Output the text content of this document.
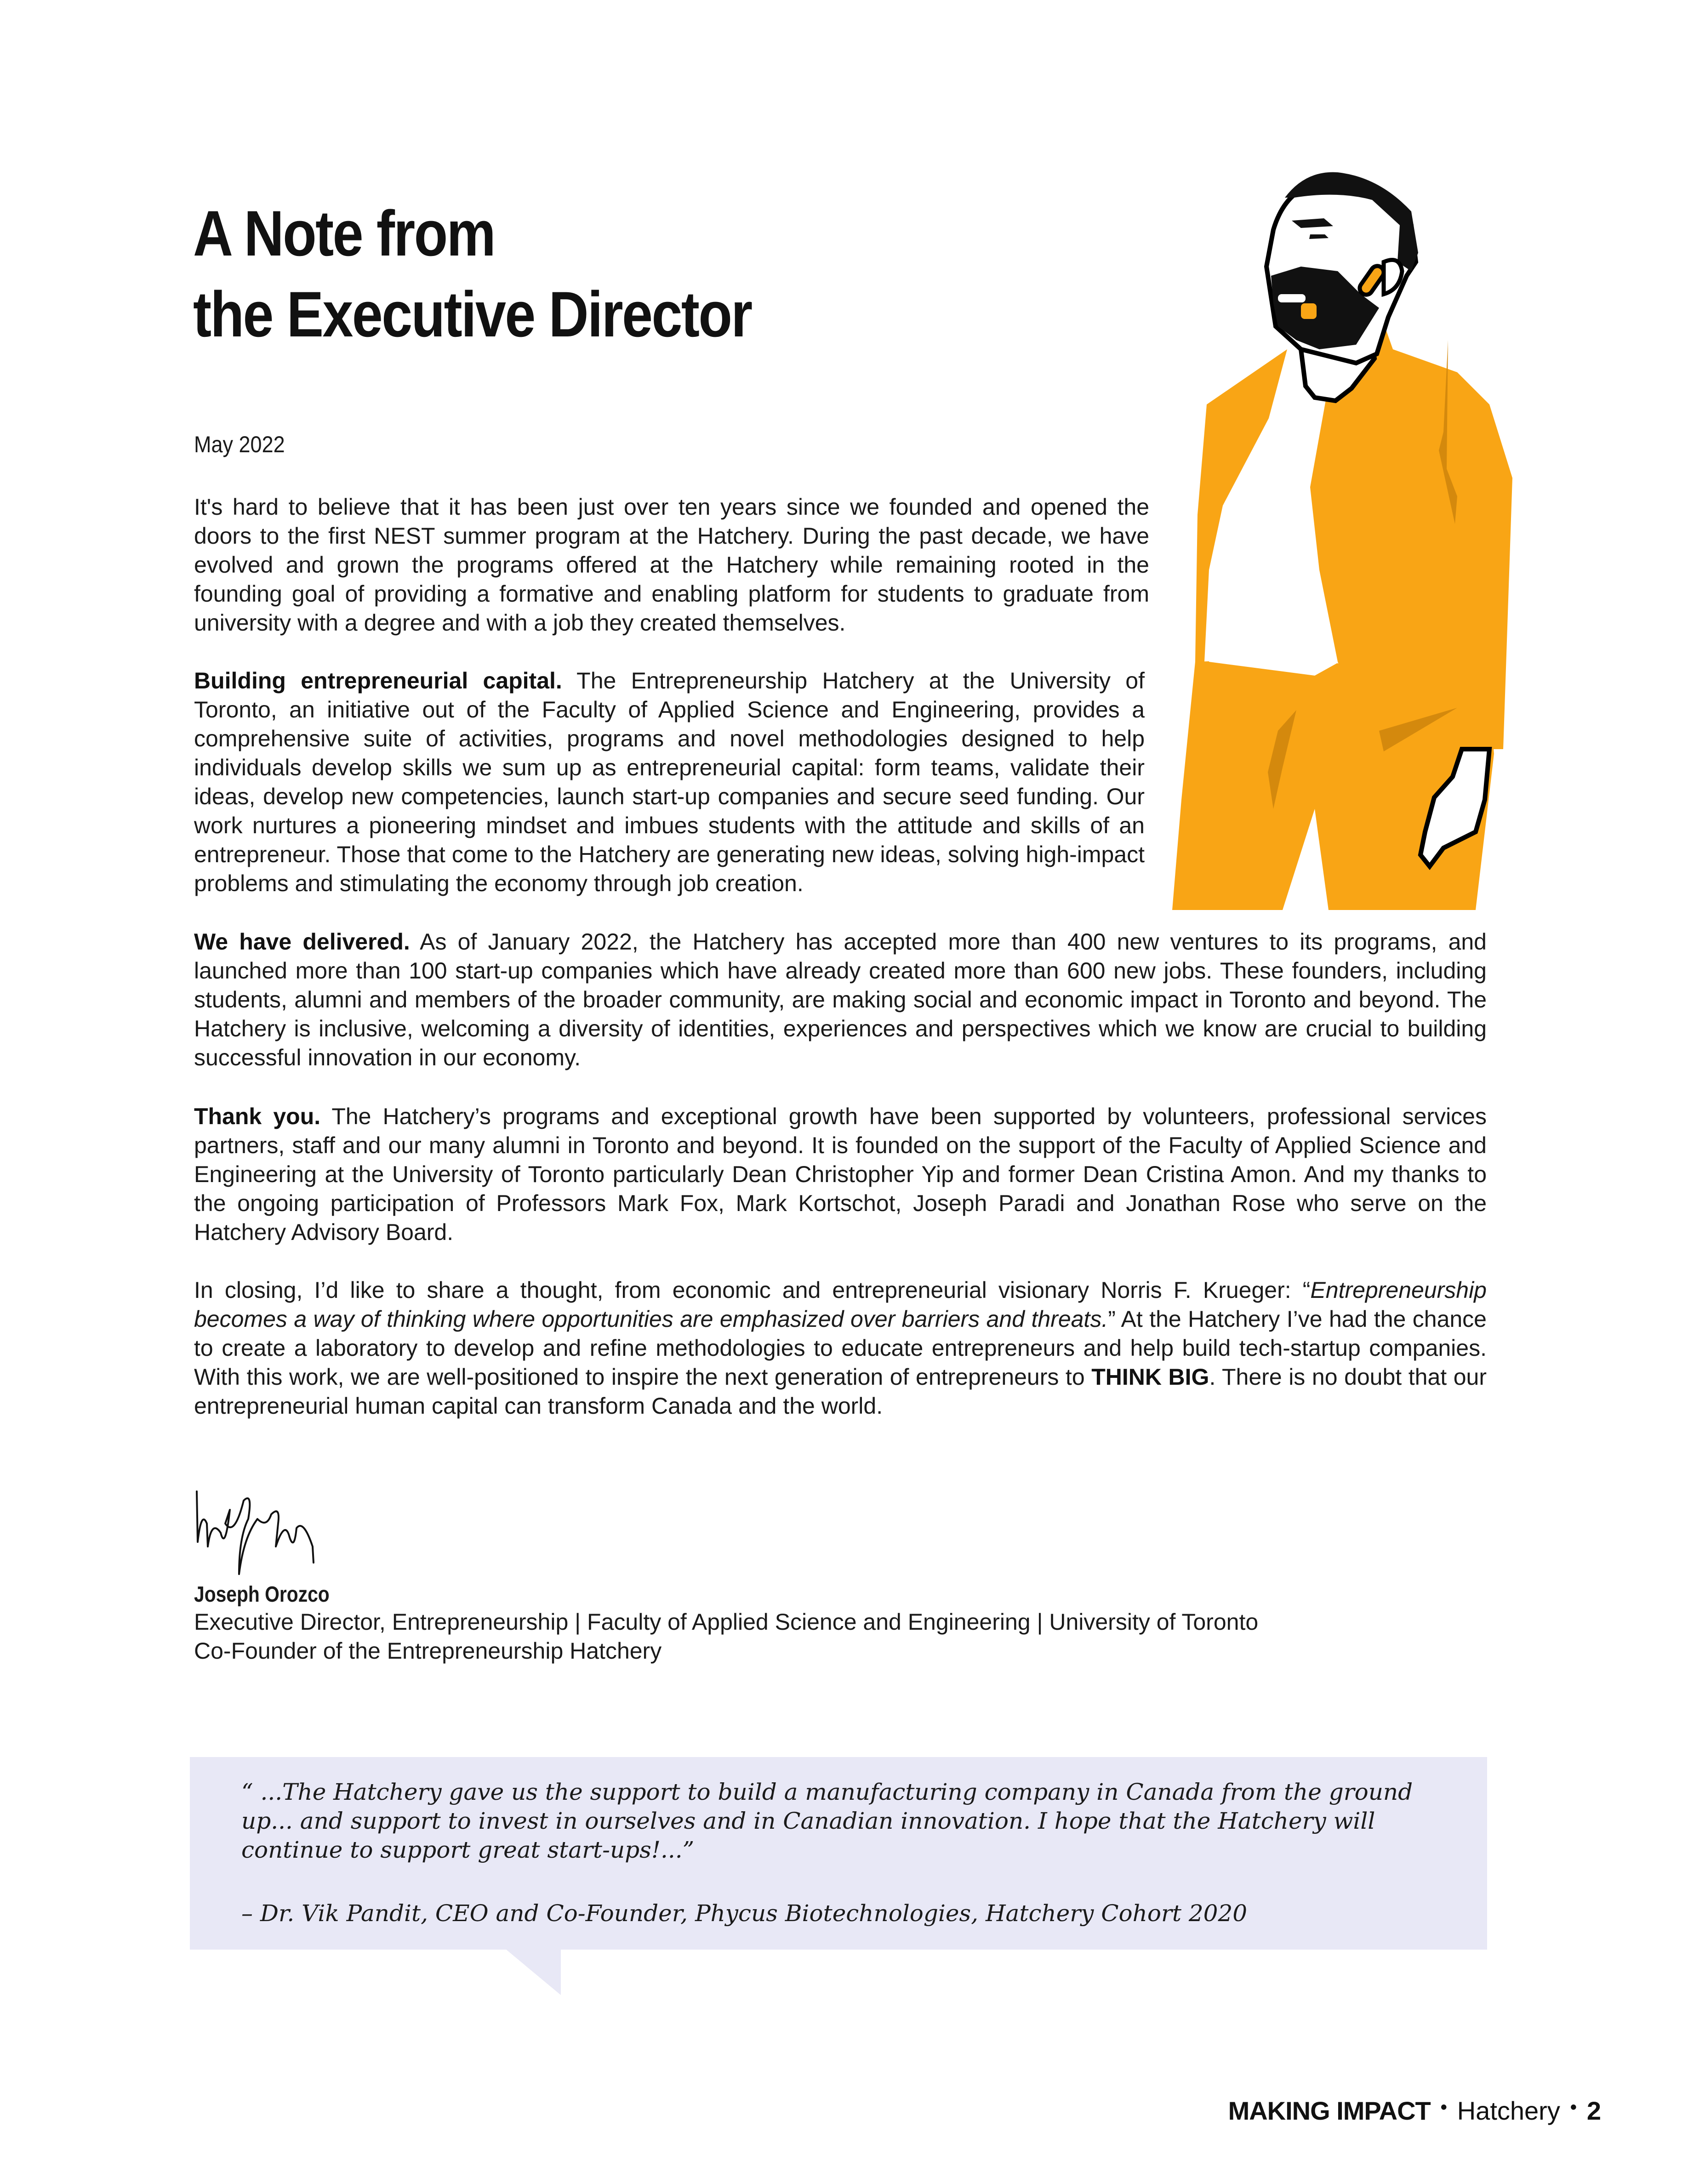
A Note from
the Executive Director
May 2022

It's hard to believe that it has been just over ten years since we founded and opened the doors to the first NEST summer program at the Hatchery. During the past decade, we have evolved and grown the programs offered at the Hatchery while remaining rooted in the founding goal of providing a formative and enabling platform for students to graduate from university with a degree and with a job they created themselves.

Building entrepreneurial capital. The Entrepreneurship Hatchery at the University of Toronto, an initiative out of the Faculty of Applied Science and Engineering, provides a comprehensive suite of activities, programs and novel methodologies designed to help individuals develop skills we sum up as entrepreneurial capital: form teams, validate their ideas, develop new competencies, launch start-up companies and secure seed funding. Our work nurtures a pioneering mindset and imbues students with the attitude and skills of an entrepreneur. Those that come to the Hatchery are generating new ideas, solving high-impact problems and stimulating the economy through job creation.

We have delivered. As of January 2022, the Hatchery has accepted more than 400 new ventures to its programs, and launched more than 100 start-up companies which have already created more than 600 new jobs. These founders, including students, alumni and members of the broader community, are making social and economic impact in Toronto and beyond. The Hatchery is inclusive, welcoming a diversity of identities, experiences and perspectives which we know are crucial to building successful innovation in our economy.

Thank you. The Hatchery’s programs and exceptional growth have been supported by volunteers, professional services partners, staff and our many alumni in Toronto and beyond. It is founded on the support of the Faculty of Applied Science and Engineering at the University of Toronto particularly Dean Christopher Yip and former Dean Cristina Amon. And my thanks to the ongoing participation of Professors Mark Fox, Mark Kortschot, Joseph Paradi and Jonathan Rose who serve on the Hatchery Advisory Board.

In closing, I’d like to share a thought, from economic and entrepreneurial visionary Norris F. Krueger: “Entrepreneurship becomes a way of thinking where opportunities are emphasized over barriers and threats.” At the Hatchery I’ve had the chance to create a laboratory to develop and refine methodologies to educate entrepreneurs and help build tech-startup companies. With this work, we are well-positioned to inspire the next generation of entrepreneurs to THINK BIG. There is no doubt that our entrepreneurial human capital can transform Canada and the world.

Joseph Orozco
Executive Director, Entrepreneurship | Faculty of Applied Science and Engineering | University of Toronto
Co-Founder of the Entrepreneurship Hatchery

“ ...The Hatchery gave us the support to build a manufacturing company in Canada from the ground up... and support to invest in ourselves and in Canadian innovation. I hope that the Hatchery will continue to support great start-ups!...”

– Dr. Vik Pandit, CEO and Co-Founder, Phycus Biotechnologies, Hatchery Cohort 2020

MAKING IMPACT • Hatchery • 2
